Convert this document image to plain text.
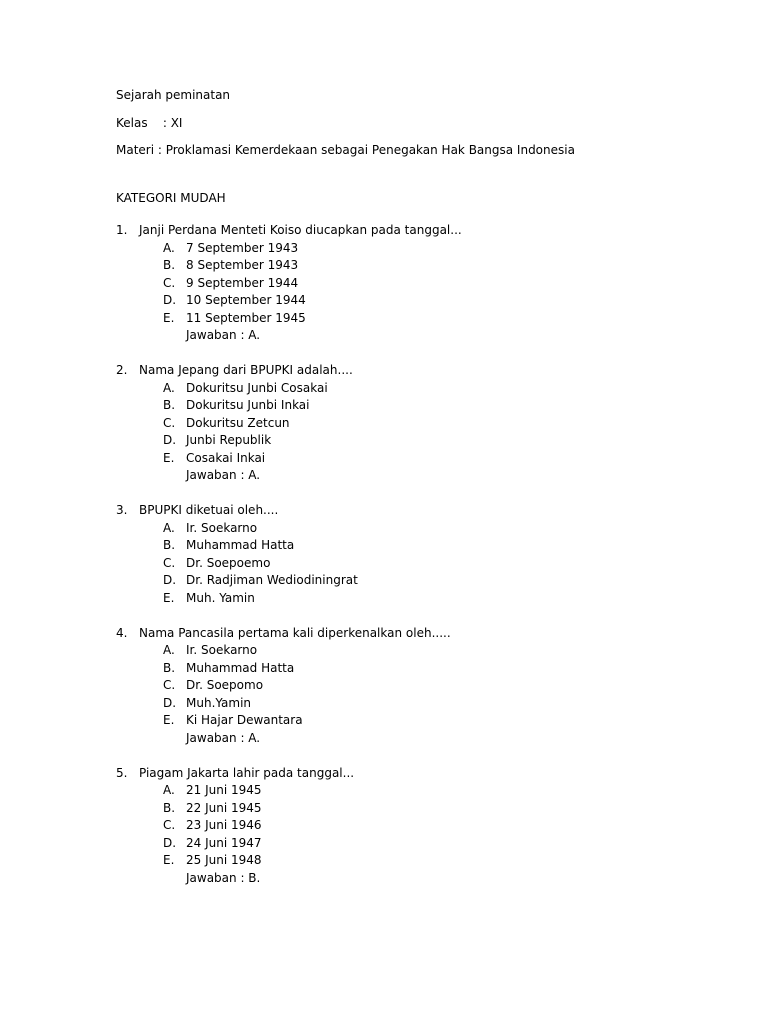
Sejarah peminatan
Kelas    : XI
Materi : Proklamasi Kemerdekaan sebagai Penegakan Hak Bangsa Indonesia
KATEGORI MUDAH
1. Janji Perdana Menteti̇ Koiso diucapkan pada tanggal...
A. 7 September 1943
B. 8 September 1943
C. 9 September 1944
D. 10 September 1944
E. 11 September 1945
Jawaban : A.
2. Nama Jepang dari BPUPKI adalah....
A. Dokuritsu Junbi Cosakai
B. Dokuritsu Junbi Inkai
C. Dokuritsu Zetcun
D. Junbi Republik
E. Cosakai Inkai
Jawaban : A.
3. BPUPKI diketuai oleh....
A. Ir. Soekarno
B. Muhammad Hatta
C. Dr. Soepoemo
D. Dr. Radjiman Wediodiningrat
E. Muh. Yamin
4. Nama Pancasila pertama kali diperkenalkan oleh.....
A. Ir. Soekarno
B. Muhammad Hatta
C. Dr. Soepomo
D. Muh.Yamin
E. Ki Hajar Dewantara
Jawaban : A.
5. Piagam Jakarta lahir pada tanggal...
A. 21 Juni 1945
B. 22 Juni 1945
C. 23 Juni 1946
D. 24 Juni 1947
E. 25 Juni 1948
Jawaban : B.
